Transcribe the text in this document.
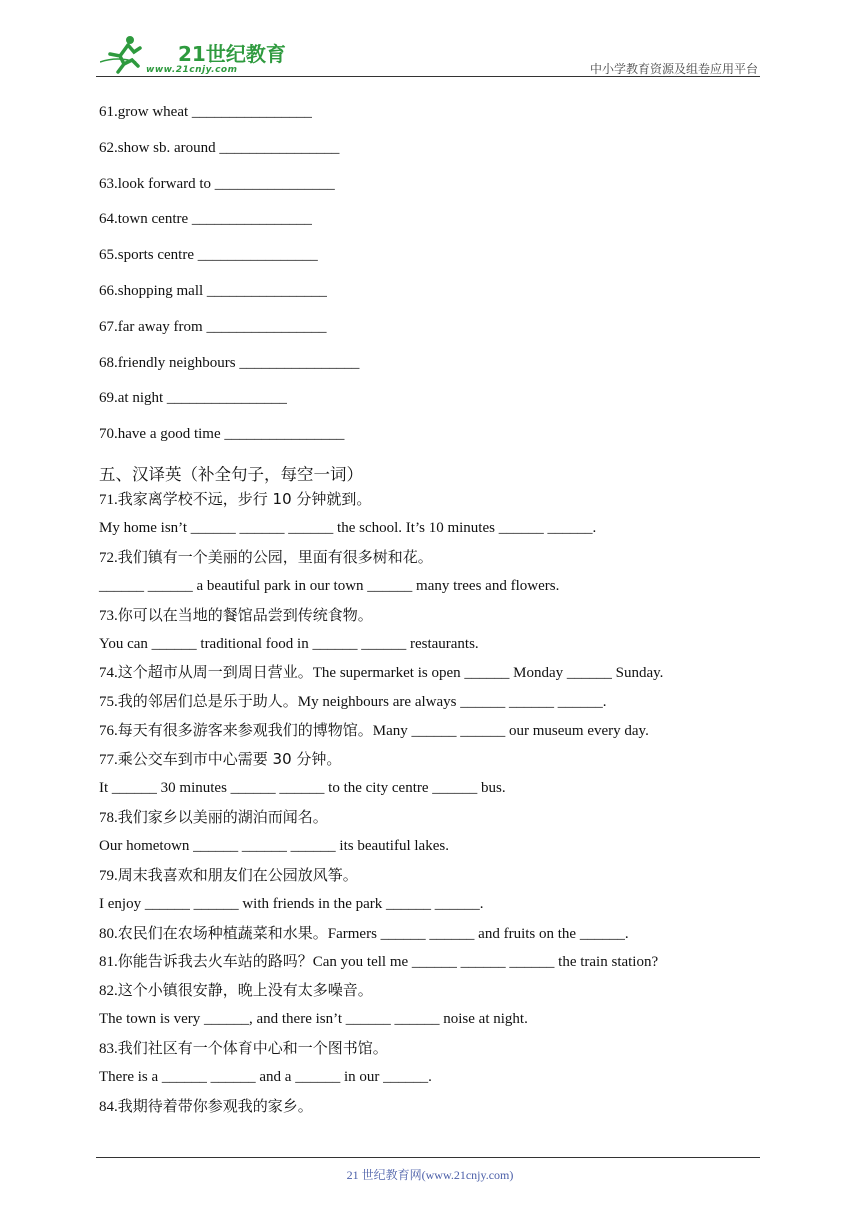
21世纪教育
www.21cnjy.com	中小学教育资源及组卷应用平台
61.grow wheat ________________
62.show sb. around ________________
63.look forward to ________________
64.town centre ________________
65.sports centre ________________
66.shopping mall ________________
67.far away from ________________
68.friendly neighbours ________________
69.at night ________________
70.have a good time ________________
五、汉译英（补全句子，每空一词）
71.我家离学校不远，步行 10 分钟就到。
My home isn’t ______ ______ ______ the school. It’s 10 minutes ______ ______.
72.我们镇有一个美丽的公园，里面有很多树和花。
______ ______ a beautiful park in our town ______ many trees and flowers.
73.你可以在当地的餐馆品尝到传统食物。
You can ______ traditional food in ______ ______ restaurants.
74.这个超市从周一到周日营业。The supermarket is open ______ Monday ______ Sunday.
75.我的邻居们总是乐于助人。My neighbours are always ______ ______ ______.
76.每天有很多游客来参观我们的博物馆。Many ______ ______ our museum every day.
77.乘公交车到市中心需要 30 分钟。
It ______ 30 minutes ______ ______ to the city centre ______ bus.
78.我们家乡以美丽的湖泊而闻名。
Our hometown ______ ______ ______ its beautiful lakes.
79.周末我喜欢和朋友们在公园放风筝。
I enjoy ______ ______ with friends in the park ______ ______.
80.农民们在农场种植蔬菜和水果。Farmers ______ ______ and fruits on the ______.
81.你能告诉我去火车站的路吗？Can you tell me ______ ______ ______ the train station?
82.这个小镇很安静，晚上没有太多噪音。
The town is very ______, and there isn’t ______ ______ noise at night.
83.我们社区有一个体育中心和一个图书馆。
There is a ______ ______ and a ______ in our ______.
84.我期待着带你参观我的家乡。
21 世纪教育网(www.21cnjy.com)
